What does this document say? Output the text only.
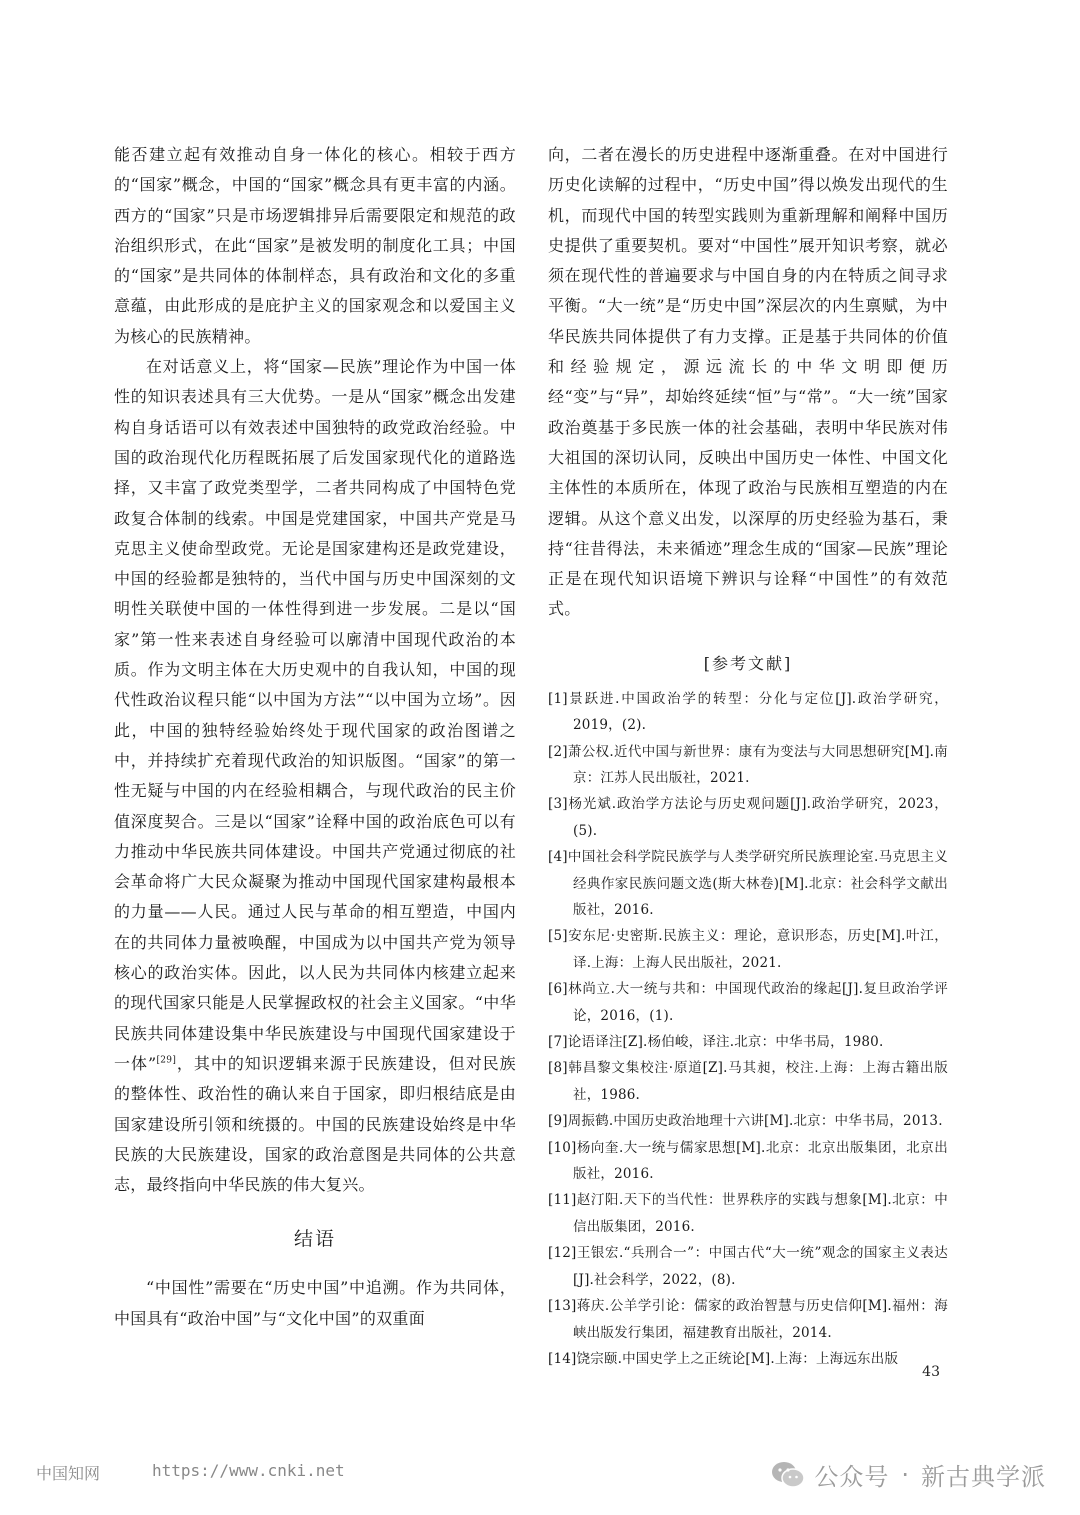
能否建立起有效推动自身一体化的核心。相较于西方的“国家”概念，中国的“国家”概念具有更丰富的内涵。西方的“国家”只是市场逻辑排异后需要限定和规范的政治组织形式，在此“国家”是被发明的制度化工具；中国的“国家”是共同体的体制样态，具有政治和文化的多重意蕴，由此形成的是庇护主义的国家观念和以爱国主义为核心的民族精神。

在对话意义上，将“国家—民族”理论作为中国一体性的知识表述具有三大优势。一是从“国家”概念出发建构自身话语可以有效表述中国独特的政党政治经验。中国的政治现代化历程既拓展了后发国家现代化的道路选择，又丰富了政党类型学，二者共同构成了中国特色党政复合体制的线索。中国是党建国家，中国共产党是马克思主义使命型政党。无论是国家建构还是政党建设，中国的经验都是独特的，当代中国与历史中国深刻的文明性关联使中国的一体性得到进一步发展。二是以“国家”第一性来表述自身经验可以廓清中国现代政治的本质。作为文明主体在大历史观中的自我认知，中国的现代性政治议程只能“以中国为方法”“以中国为立场”。因此，中国的独特经验始终处于现代国家的政治图谱之中，并持续扩充着现代政治的知识版图。“国家”的第一性无疑与中国的内在经验相耦合，与现代政治的民主价值深度契合。三是以“国家”诠释中国的政治底色可以有力推动中华民族共同体建设。中国共产党通过彻底的社会革命将广大民众凝聚为推动中国现代国家建构最根本的力量——人民。通过人民与革命的相互塑造，中国内在的共同体力量被唤醒，中国成为以中国共产党为领导核心的政治实体。因此，以人民为共同体内核建立起来的现代国家只能是人民掌握政权的社会主义国家。“中华民族共同体建设集中华民族建设与中国现代国家建设于一体”[29]，其中的知识逻辑来源于民族建设，但对民族的整体性、政治性的确认来自于国家，即归根结底是由国家建设所引领和统摄的。中国的民族建设始终是中华民族的大民族建设，国家的政治意图是共同体的公共意志，最终指向中华民族的伟大复兴。

结语

“中国性”需要在“历史中国”中追溯。作为共同体，中国具有“政治中国”与“文化中国”的双重面

向，二者在漫长的历史进程中逐渐重叠。在对中国进行历史化读解的过程中，“历史中国”得以焕发出现代的生机，而现代中国的转型实践则为重新理解和阐释中国历史提供了重要契机。要对“中国性”展开知识考察，就必须在现代性的普遍要求与中国自身的内在特质之间寻求平衡。“大一统”是“历史中国”深层次的内生禀赋，为中华民族共同体提供了有力支撑。正是基于共同体的价值和经验规定，源远流长的中华文明即便历经“变”与“异”，却始终延续“恒”与“常”。“大一统”国家政治奠基于多民族一体的社会基础，表明中华民族对伟大祖国的深切认同，反映出中国历史一体性、中国文化主体性的本质所在，体现了政治与民族相互塑造的内在逻辑。从这个意义出发，以深厚的历史经验为基石，秉持“往昔得法，未来循迹”理念生成的“国家—民族”理论正是在现代知识语境下辨识与诠释“中国性”的有效范式。

[参考文献]
[1]景跃进.中国政治学的转型：分化与定位[J].政治学研究，2019，(2).
[2]萧公权.近代中国与新世界：康有为变法与大同思想研究[M].南京：江苏人民出版社，2021.
[3]杨光斌.政治学方法论与历史观问题[J].政治学研究，2023，(5).
[4]中国社会科学院民族学与人类学研究所民族理论室.马克思主义经典作家民族问题文选(斯大林卷)[M].北京：社会科学文献出版社，2016.
[5]安东尼·史密斯.民族主义：理论，意识形态，历史[M].叶江，译.上海：上海人民出版社，2021.
[6]林尚立.大一统与共和：中国现代政治的缘起[J].复旦政治学评论，2016，(1).
[7]论语译注[Z].杨伯峻，译注.北京：中华书局，1980.
[8]韩昌黎文集校注·原道[Z].马其昶，校注.上海：上海古籍出版社，1986.
[9]周振鹤.中国历史政治地理十六讲[M].北京：中华书局，2013.
[10]杨向奎.大一统与儒家思想[M].北京：北京出版集团，北京出版社，2016.
[11]赵汀阳.天下的当代性：世界秩序的实践与想象[M].北京：中信出版集团，2016.
[12]王银宏.“兵刑合一”：中国古代“大一统”观念的国家主义表达[J].社会科学，2022，(8).
[13]蒋庆.公羊学引论：儒家的政治智慧与历史信仰[M].福州：海峡出版发行集团，福建教育出版社，2014.
[14]饶宗颐.中国史学上之正统论[M].上海：上海远东出版
43
中国知网	https://www.cnki.net	公众号 · 新古典学派
